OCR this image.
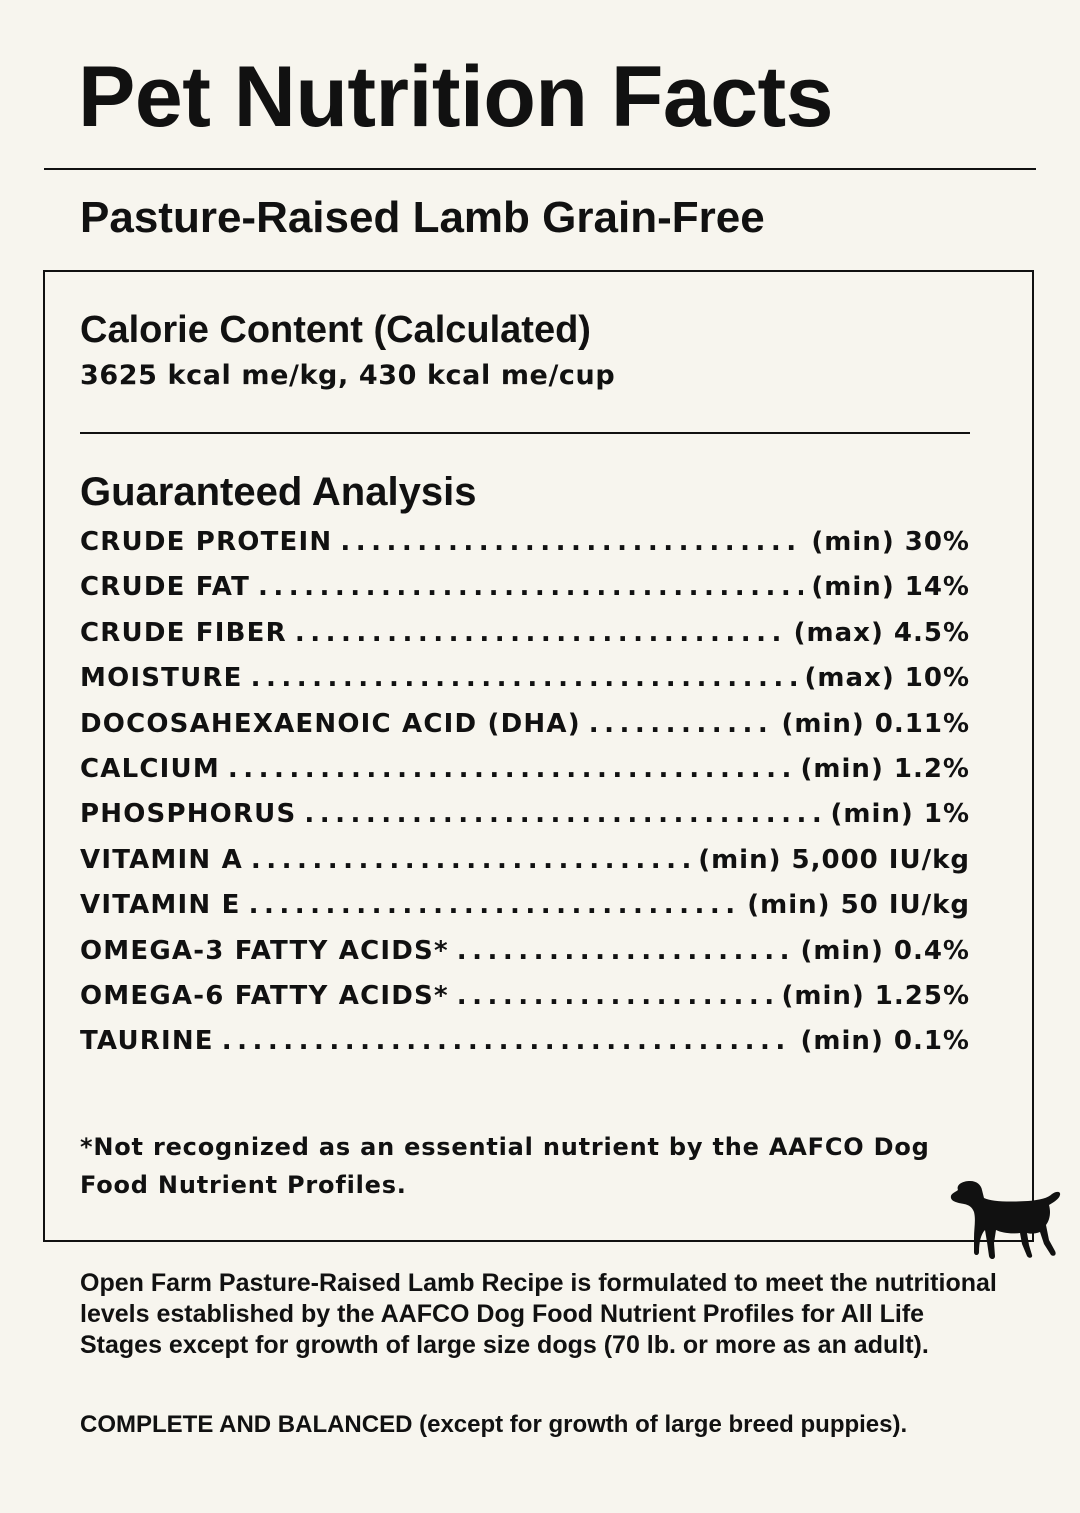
Pet Nutrition Facts
Pasture-Raised Lamb Grain-Free
Calorie Content (Calculated)

3625 kcal me/kg, 430 kcal me/cup

Guaranteed Analysis
CRUDE PROTEIN .....	(min) 30%
CRUDE FAT .....	(min) 14%
CRUDE FIBER .....	(max) 4.5%
MOISTURE .....	(max) 10%
DOCOSAHEXAENOIC ACID (DHA) .....	(min) 0.11%
CALCIUM .....	(min) 1.2%
PHOSPHORUS .....	(min) 1%
VITAMIN A .....	(min) 5,000 IU/kg
VITAMIN E .....	(min) 50 IU/kg
OMEGA-3 FATTY ACIDS* .....	(min) 0.4%
OMEGA-6 FATTY ACIDS* .....	(min) 1.25%
TAURINE .....	(min) 0.1%

*Not recognized as an essential nutrient by the AAFCO Dog Food Nutrient Profiles.

Open Farm Pasture-Raised Lamb Recipe is formulated to meet the nutritional levels established by the AAFCO Dog Food Nutrient Profiles for All Life Stages except for growth of large size dogs (70 lb. or more as an adult).

COMPLETE AND BALANCED (except for growth of large breed puppies).
